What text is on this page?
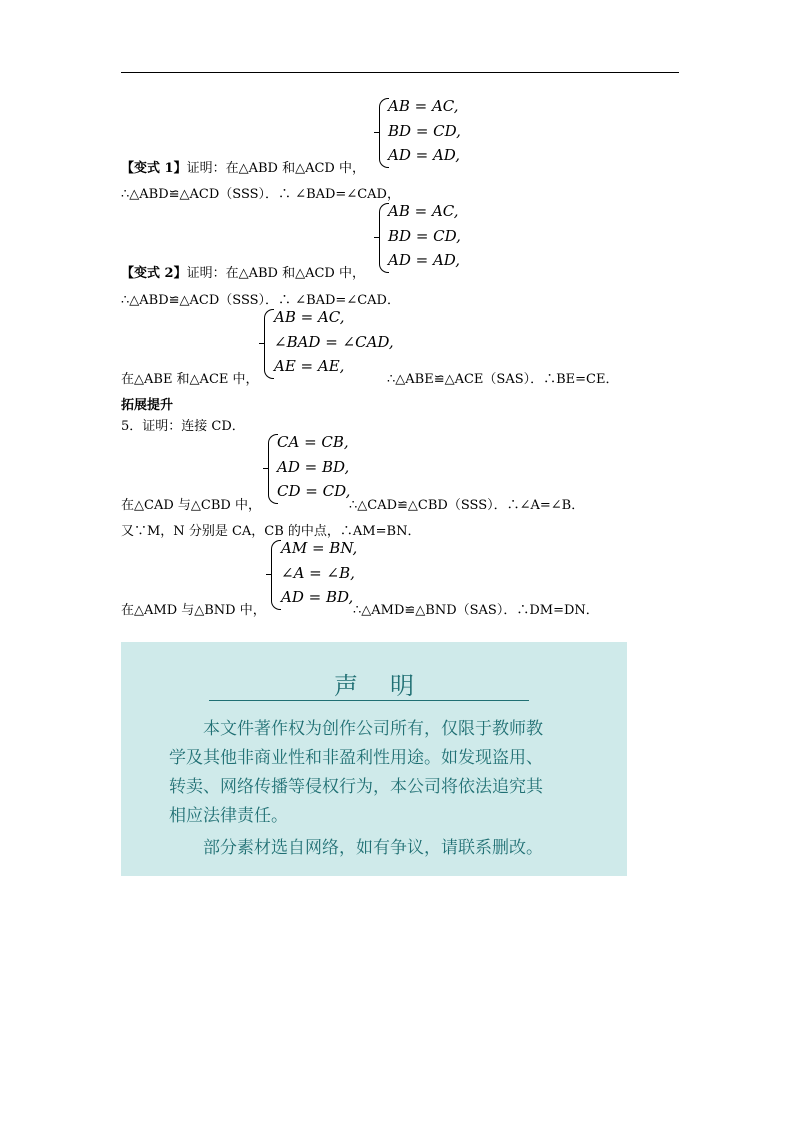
AB = AC,
BD = CD,
AD = AD,
【变式 1】证明：在△ABD 和△ACD 中，
∴△ABD≌△ACD（SSS）．∴ ∠BAD=∠CAD，
AB = AC,
BD = CD,
AD = AD,
【变式 2】证明：在△ABD 和△ACD 中，
∴△ABD≌△ACD（SSS）．∴ ∠BAD=∠CAD．
AB = AC,
∠BAD = ∠CAD,
AE = AE,
在△ABE 和△ACE 中，	∴△ABE≌△ACE（SAS）．∴BE=CE．
拓展提升
5．证明：连接 CD．
CA = CB,
AD = BD,
CD = CD,
在△CAD 与△CBD 中，	∴△CAD≌△CBD（SSS）．∴∠A=∠B．
又∵M，N 分别是 CA，CB 的中点，∴AM=BN．
AM = BN,
∠A = ∠B,
AD = BD,
在△AMD 与△BND 中，	∴△AMD≌△BND（SAS）．∴DM=DN．
声明
本文件著作权为创作公司所有，仅限于教师教
学及其他非商业性和非盈利性用途。如发现盗用、
转卖、网络传播等侵权行为，本公司将依法追究其
相应法律责任。
部分素材选自网络，如有争议，请联系删改。
